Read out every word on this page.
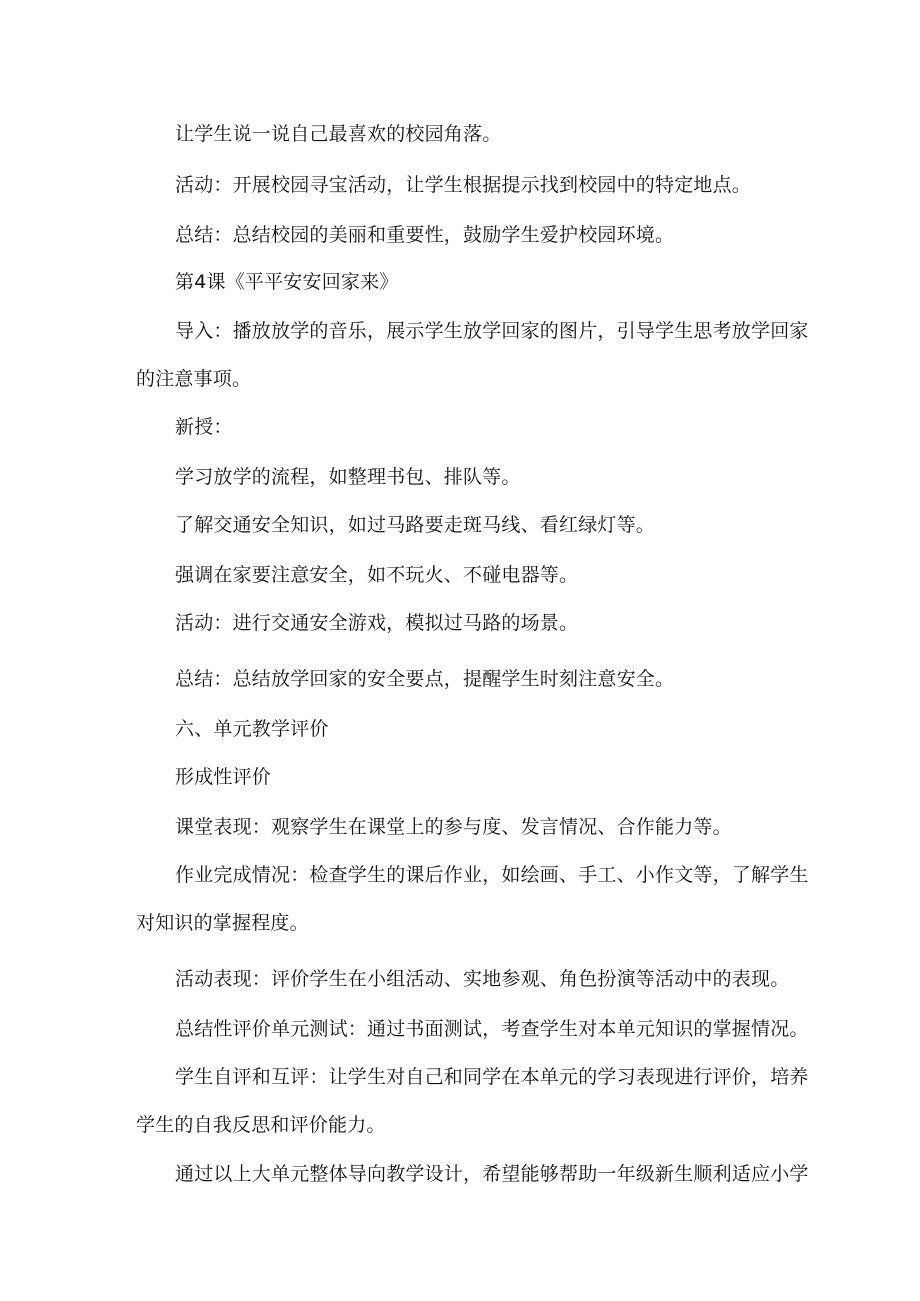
让学生说一说自己最喜欢的校园角落。
活动：开展校园寻宝活动，让学生根据提示找到校园中的特定地点。
总结：总结校园的美丽和重要性，鼓励学生爱护校园环境。
第4课《平平安安回家来》
导入：播放放学的音乐，展示学生放学回家的图片，引导学生思考放学回家
的注意事项。
新授：
学习放学的流程，如整理书包、排队等。
了解交通安全知识，如过马路要走斑马线、看红绿灯等。
强调在家要注意安全，如不玩火、不碰电器等。
活动：进行交通安全游戏，模拟过马路的场景。
总结：总结放学回家的安全要点，提醒学生时刻注意安全。
六、单元教学评价
形成性评价
课堂表现：观察学生在课堂上的参与度、发言情况、合作能力等。
作业完成情况：检查学生的课后作业，如绘画、手工、小作文等，了解学生
对知识的掌握程度。
活动表现：评价学生在小组活动、实地参观、角色扮演等活动中的表现。
总结性评价单元测试：通过书面测试，考查学生对本单元知识的掌握情况。
学生自评和互评：让学生对自己和同学在本单元的学习表现进行评价，培养
学生的自我反思和评价能力。
通过以上大单元整体导向教学设计，希望能够帮助一年级新生顺利适应小学
